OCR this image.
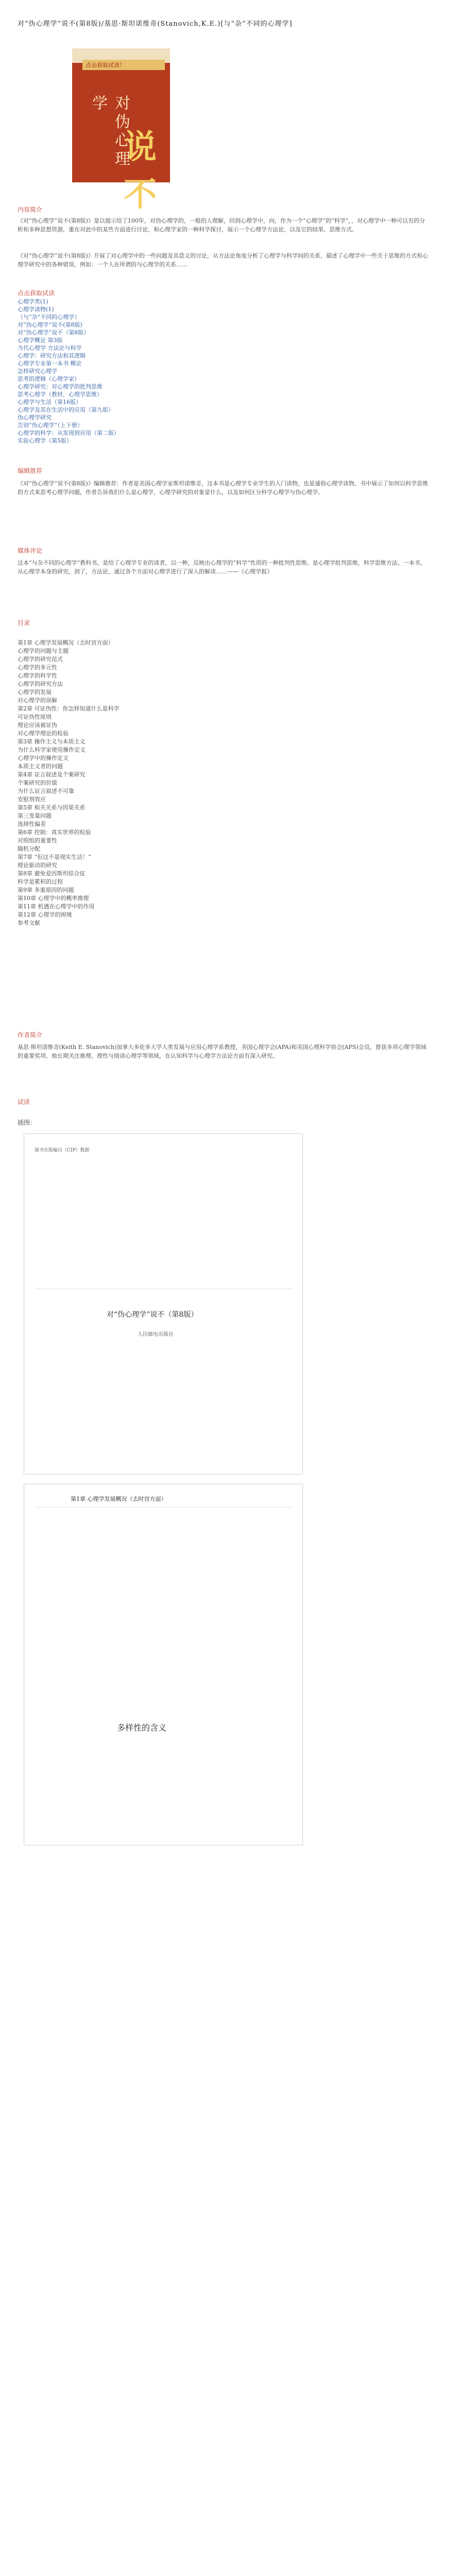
对“伪心理学”说不(第8版)/基思·斯坦诺维奇(Stanovich,K.E.)[与“杂”不同的心理学]
点击获取试读！
对伪心理学
说不
内容简介
《对“伪心理学”说不(第8版)》是以提示给了100年，对伪心理学的，一般的人理解，回到心理学中，向，作为一个“心理学”的“科学”，，对心理学中一种可以有的分析和多种思想资源，重在对此中的某些方面进行讨论，和心理学家的一种科学探讨，展示一个心理学方法论，以及它的结果、思维方式。
《对“伪心理学”说不(第8版)》开展了对心理学中的一些问题及其意义的讨论，从方法论角度分析了心理学与科学间的关系，描述了心理学中一些关于思维的方式和心理学研究中的各种错误，例如：一个人在所谓的与心理学的关系……
点击获取试读
心理学类(1)
心理学读物(1)
（与“杂”不同的心理学）
对“伪心理学”说不(第8版)
对“伪心理学”说不（第8版）
心理学概论 第3版
当代心理学 方法论与科学
心理学：研究方法和其逻辑
心理学专业第一本书 概论
怎样研究心理学
思考的逻辑（心理学家）
心理学研究：对心理学的批判思维
思考心理学（教材，心理学思维）
心理学与生活（第16版）
心理学及其在生活中的应用（第九版）
伪心理学研究
告别“伪心理学”（上下册）
心理学的科学：从发现到应用（第二版）
实验心理学（第5版）
编辑推荐
《对“伪心理学”说不(第8版)》编辑推荐：作者是美国心理学家斯坦诺维奇，这本书是心理学专业学生的入门读物，也是通俗心理学读物。书中展示了如何以科学思维的方式来思考心理学问题，作者告诉我们什么是心理学，心理学研究的对象是什么，以及如何区分科学心理学与伪心理学。
媒体评论
这本“与杂不同的心理学”教科书，是给了心理学专业的读者，以一种，反映出心理学的“科学”性质的一种批判性思维。是心理学批判思维，科学思维方法。一本书，从心理学本身的研究，到了，方法论，通过各个方面对心理学进行了深入的解读……——《心理学报》
目录
第1章 心理学发展概况（去时宫方面）
心理学的问题与主题
心理学的研究范式
心理学的多元性
心理学的科学性
心理学的研究方法
心理学的发展
对心理学的误解
第2章 可证伪性：你怎样知道什么是科学
可证伪性原则
理论应该被证伪
对心理学理论的检验
第3章 操作主义与本质主义
为什么科学家使用操作定义
心理学中的操作定义
本质主义者的问题
第4章 证言叙述及个案研究
个案研究的价值
为什么证言叙述不可靠
安慰剂效应
第5章 相关关系与因果关系
第三变量问题
选择性偏差
第6章 控制：真实世界的检验
对照组的重要性
随机分配
第7章 “但这不是现实生活！”
理论驱动的研究
第8章 避免爱因斯坦综合征
科学是累积的过程
第9章 多重原因的问题
第10章 心理学中的概率推理
第11章 机遇在心理学中的作用
第12章 心理学的困境
参考文献
作者简介
基思·斯坦诺维奇(Keith E. Stanovich)加拿大多伦多大学人类发展与应用心理学系教授，美国心理学会(APA)和美国心理科学协会(APS)会员，曾获多项心理学领域的重要奖项。他长期关注推理、理性与阅读心理学等领域，在认知科学与心理学方法论方面有深入研究。
试读
插图：
图书在版编目（CIP）数据
对“伪心理学”说不（第8版）
人民邮电出版社
第1章 心理学发展概况（去时宫方面）
多样性的含义
